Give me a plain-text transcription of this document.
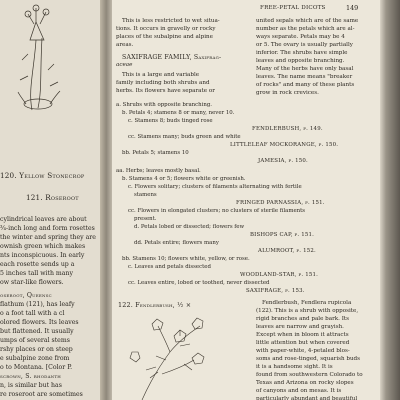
120. Yellow Stonecrop
121. Roseroot
cylindrical leaves are about
¾-inch long and form rosettes
the winter and spring they are
ownish green which makes
nts inconspicuous. In early
each rosette sends up a
5 inches tall with many
ow star-like flowers.
oseroot, Queensc
flathum (121), has leafy
o a foot tall with a cl
olored flowers. Its leaves
but flattened. It usually
umps of several stems
rshy places or on steep
e subalpine zone from
o to Montana. [Color P.
scrown, S. rhodanth
n, is similar but has
re roseroot are sometimes
FREE-PETAL DICOTS	149
This is less restricted to wet situa-
tions. It occurs in gravelly or rocky
places of the subalpine and alpine
areas.
SAXIFRAGE FAMILY, Saxifrag-
aceae
This is a large and variable
family including both shrubs and
herbs. Its flowers have separate or
united sepals which are of the same
number as the petals which are al-
ways separate. Petals may be 4
or 5. The ovary is usually partially
inferior. The shrubs have simple
leaves and opposite branching.
Many of the herbs have only basal
leaves. The name means "breaker
of rocks" and many of these plants
grow in rock crevices.
a. Shrubs with opposite branching.
b. Petals 4; stamens 8 or many, never 10.
c. Stamens 8; buds tinged rose
FENDLERBUSH, p. 149.
cc. Stamens many; buds green and white
LITTLELEAF MOCKORANGE, p. 150.
bb. Petals 5; stamens 10
JAMESIA, p. 150.
aa. Herbs; leaves mostly basal.
b. Stamens 4 or 5; flowers white or greenish.
c. Flowers solitary; clusters of filaments alternating with fertile
stamens
FRINGED PARNASSIA, p. 151.
cc. Flowers in elongated clusters; no clusters of sterile filaments
present.
d. Petals lobed or dissected; flowers few
BISHOPS CAP, p. 151.
dd. Petals entire; flowers many
ALUMROOT, p. 152.
bb. Stamens 10; flowers white, yellow, or rose.
c. Leaves and petals dissected
WOODLAND-STAR, p. 151.
cc. Leaves entire, lobed or toothed, never dissected
SAXIFRAGE, p. 153.
122. Fendlerbush, ½ ×	Fendlerbush, Fendlera rupicola
(122). This is a shrub with opposite,
rigid branches and pale bark. Its
leaves are narrow and grayish.
Except when in bloom it attracts
little attention but when covered
with paper-white, 4-petaled blos-
soms and rose-tinged, squarish buds
it is a handsome sight. It is
found from southwestern Colorado to
Texas and Arizona on rocky slopes
of canyons and on mesas. It is
particularly abundant and beautiful
